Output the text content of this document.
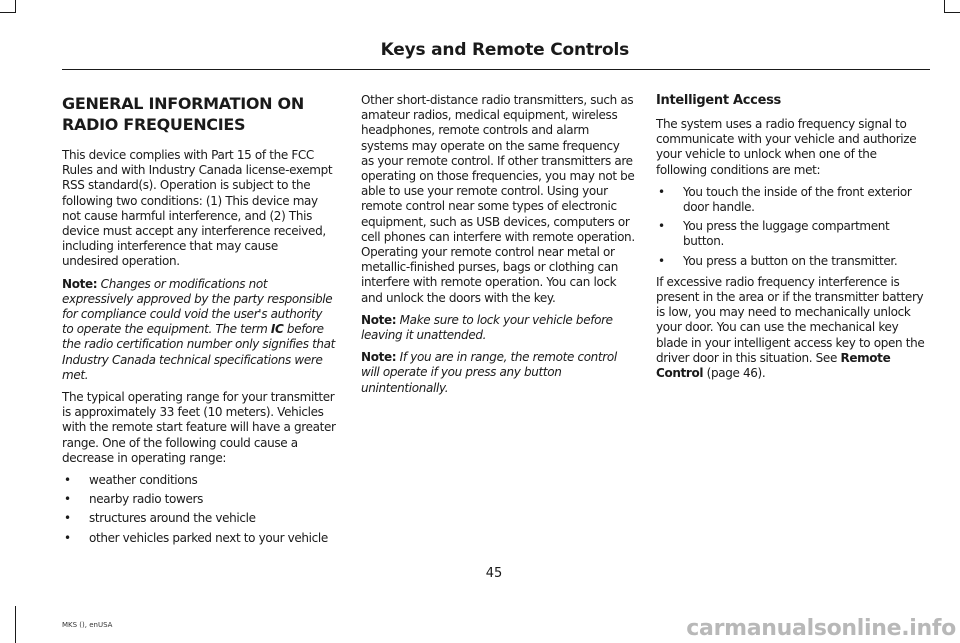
Keys and Remote Controls
GENERAL INFORMATION ON
RADIO FREQUENCIES

This device complies with Part 15 of the FCC Rules and with Industry Canada license-exempt RSS standard(s). Operation is subject to the following two conditions: (1) This device may not cause harmful interference, and (2) This device must accept any interference received, including interference that may cause undesired operation.

Note: Changes or modifications not expressively approved by the party responsible for compliance could void the user's authority to operate the equipment. The term IC before the radio certification number only signifies that Industry Canada technical specifications were met.

The typical operating range for your transmitter is approximately 33 feet (10 meters). Vehicles with the remote start feature will have a greater range. One of the following could cause a decrease in operating range:

• weather conditions
• nearby radio towers
• structures around the vehicle
• other vehicles parked next to your vehicle

Other short-distance radio transmitters, such as amateur radios, medical equipment, wireless headphones, remote controls and alarm systems may operate on the same frequency as your remote control. If other transmitters are operating on those frequencies, you may not be able to use your remote control. Using your remote control near some types of electronic equipment, such as USB devices, computers or cell phones can interfere with remote operation. Operating your remote control near metal or metallic-finished purses, bags or clothing can interfere with remote operation. You can lock and unlock the doors with the key.

Note: Make sure to lock your vehicle before leaving it unattended.

Note: If you are in range, the remote control will operate if you press any button unintentionally.

Intelligent Access

The system uses a radio frequency signal to communicate with your vehicle and authorize your vehicle to unlock when one of the following conditions are met:

• You touch the inside of the front exterior door handle.
• You press the luggage compartment button.
• You press a button on the transmitter.

If excessive radio frequency interference is present in the area or if the transmitter battery is low, you may need to mechanically unlock your door. You can use the mechanical key blade in your intelligent access key to open the driver door in this situation. See Remote Control (page 46).

45
MKS (), enUSA	carmanualsonline.info
